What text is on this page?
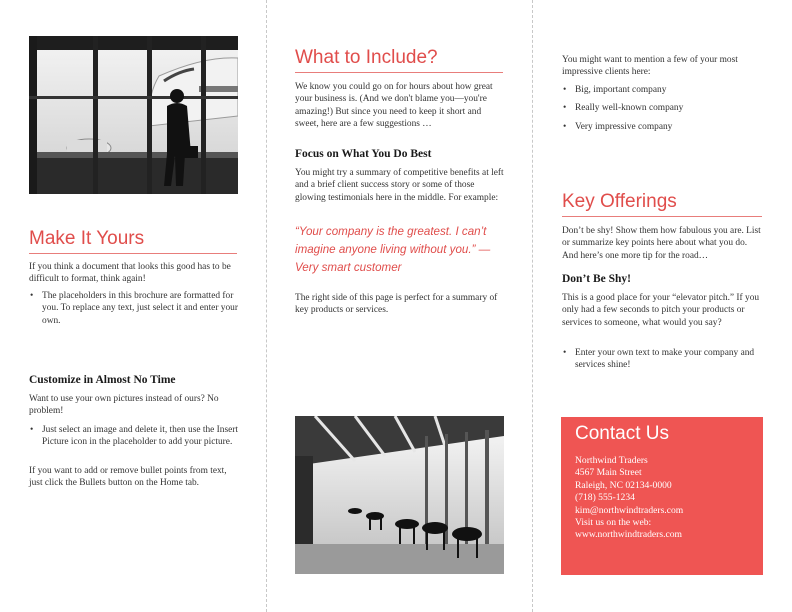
Make It Yours

If you think a document that looks this good has to be difficult to format, think again!

• The placeholders in this brochure are formatted for you. To replace any text, just select it and enter your own.
Customize in Almost No Time

Want to use your own pictures instead of ours? No problem!

• Just select an image and delete it, then use the Insert Picture icon in the placeholder to add your picture.

If you want to add or remove bullet points from text, just click the Bullets button on the Home tab.

What to Include?

We know you could go on for hours about how great your business is. (And we don't blame you—you're amazing!) But since you need to keep it short and sweet, here are a few suggestions …

Focus on What You Do Best

You might try a summary of competitive benefits at left and a brief client success story or some of those glowing testimonials here in the middle. For example:

“Your company is the greatest. I can’t imagine anyone living without you.” —Very smart customer

The right side of this page is perfect for a summary of key products or services.

You might want to mention a few of your most impressive clients here:

• Big, important company
• Really well-known company
• Very impressive company
Key Offerings

Don’t be shy! Show them how fabulous you are. List or summarize key points here about what you do. And here’s one more tip for the road…

Don’t Be Shy!

This is a good place for your “elevator pitch.” If you only had a few seconds to pitch your products or services to someone, what would you say?

• Enter your own text to make your company and services shine!
Contact Us
Northwind Traders
4567 Main Street
Raleigh, NC 02134-0000
(718) 555-1234
kim@northwindtraders.com
Visit us on the web:
www.northwindtraders.com
